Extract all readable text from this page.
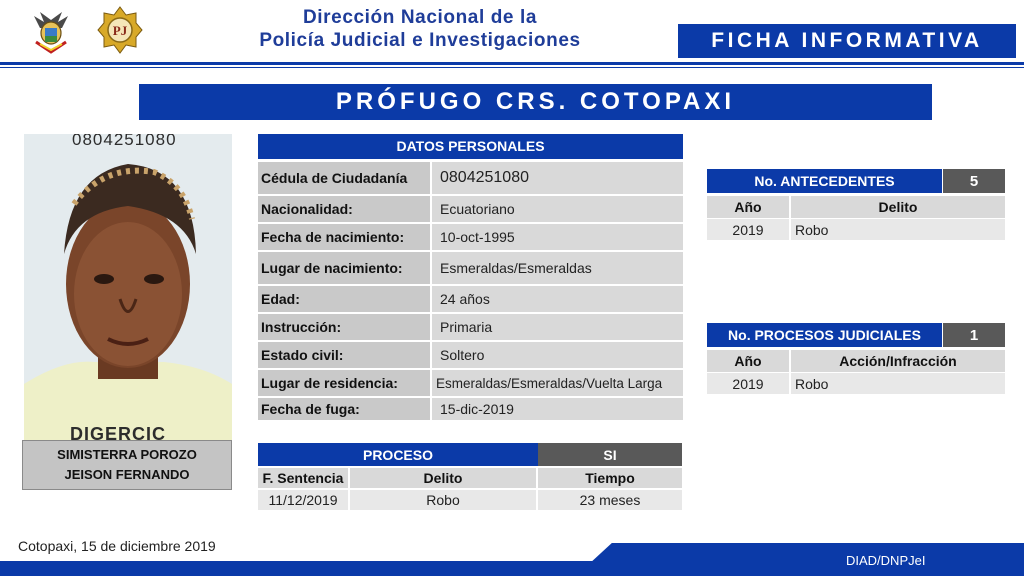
PJ
Dirección Nacional de la
Policía Judicial e Investigaciones	FICHA INFORMATIVA
PRÓFUGO CRS. COTOPAXI
0804251080
DIGERCIC
SIMISTERRA POROZO
JEISON FERNANDO
DATOS PERSONALES
Cédula de Ciudadanía	0804251080
Nacionalidad:	Ecuatoriano
Fecha de nacimiento:	10-oct-1995
Lugar de nacimiento:	Esmeraldas/Esmeraldas
Edad:	24 años
Instrucción:	Primaria
Estado civil:	Soltero
Lugar de residencia:	Esmeraldas/Esmeraldas/Vuelta Larga
Fecha de fuga:	15-dic-2019
PROCESO	SI
F. Sentencia	Delito	Tiempo
11/12/2019	Robo	23 meses
No. ANTECEDENTES	5
Año	Delito
2019	Robo
No. PROCESOS JUDICIALES	1
Año	Acción/Infracción
2019	Robo
Cotopaxi, 15 de diciembre 2019
DIAD/DNPJeI
